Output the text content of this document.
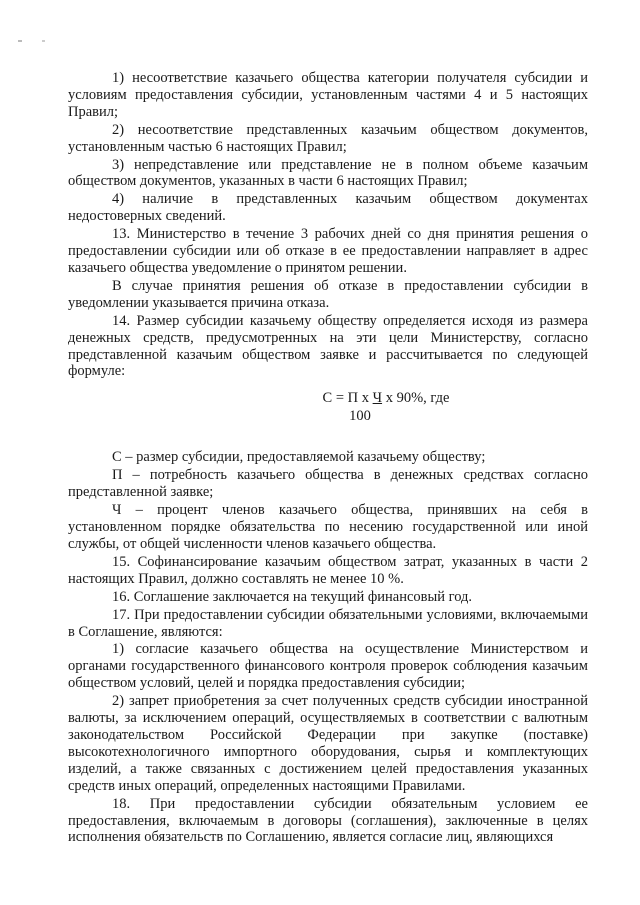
1) несоответствие казачьего общества категории получателя субсидии и условиям предоставления субсидии, установленным частями 4 и 5 настоящих Правил;

2) несоответствие представленных казачьим обществом документов, установленным частью 6 настоящих Правил;

3) непредставление или представление не в полном объеме казачьим обществом документов, указанных в части 6 настоящих Правил;

4) наличие в представленных казачьим обществом документах недостоверных сведений.

13. Министерство в течение 3 рабочих дней со дня принятия решения о предоставлении субсидии или об отказе в ее предоставлении направляет в адрес казачьего общества уведомление о принятом решении.

В случае принятия решения об отказе в предоставлении субсидии в уведомлении указывается причина отказа.

14. Размер субсидии казачьему обществу определяется исходя из размера денежных средств, предусмотренных на эти цели Министерству, согласно представленной казачьим обществом заявке и рассчитывается по следующей формуле:

С = П х Ч х 90%, где
100

С – размер субсидии, предоставляемой казачьему обществу;

П – потребность казачьего общества в денежных средствах согласно представленной заявке;

Ч – процент членов казачьего общества, принявших на себя в установленном порядке обязательства по несению государственной или иной службы, от общей численности членов казачьего общества.

15. Софинансирование казачьим обществом затрат, указанных в части 2 настоящих Правил, должно составлять не менее 10 %.

16. Соглашение заключается на текущий финансовый год.

17. При предоставлении субсидии обязательными условиями, включаемыми в Соглашение, являются:

1) согласие казачьего общества на осуществление Министерством и органами государственного финансового контроля проверок соблюдения казачьим обществом условий, целей и порядка предоставления субсидии;

2) запрет приобретения за счет полученных средств субсидии иностранной валюты, за исключением операций, осуществляемых в соответствии с валютным законодательством Российской Федерации при закупке (поставке) высокотехнологичного импортного оборудования, сырья и комплектующих изделий, а также связанных с достижением целей предоставления указанных средств иных операций, определенных настоящими Правилами.

18. При предоставлении субсидии обязательным условием ее предоставления, включаемым в договоры (соглашения), заключенные в целях исполнения обязательств по Соглашению, является согласие лиц, являющихся
